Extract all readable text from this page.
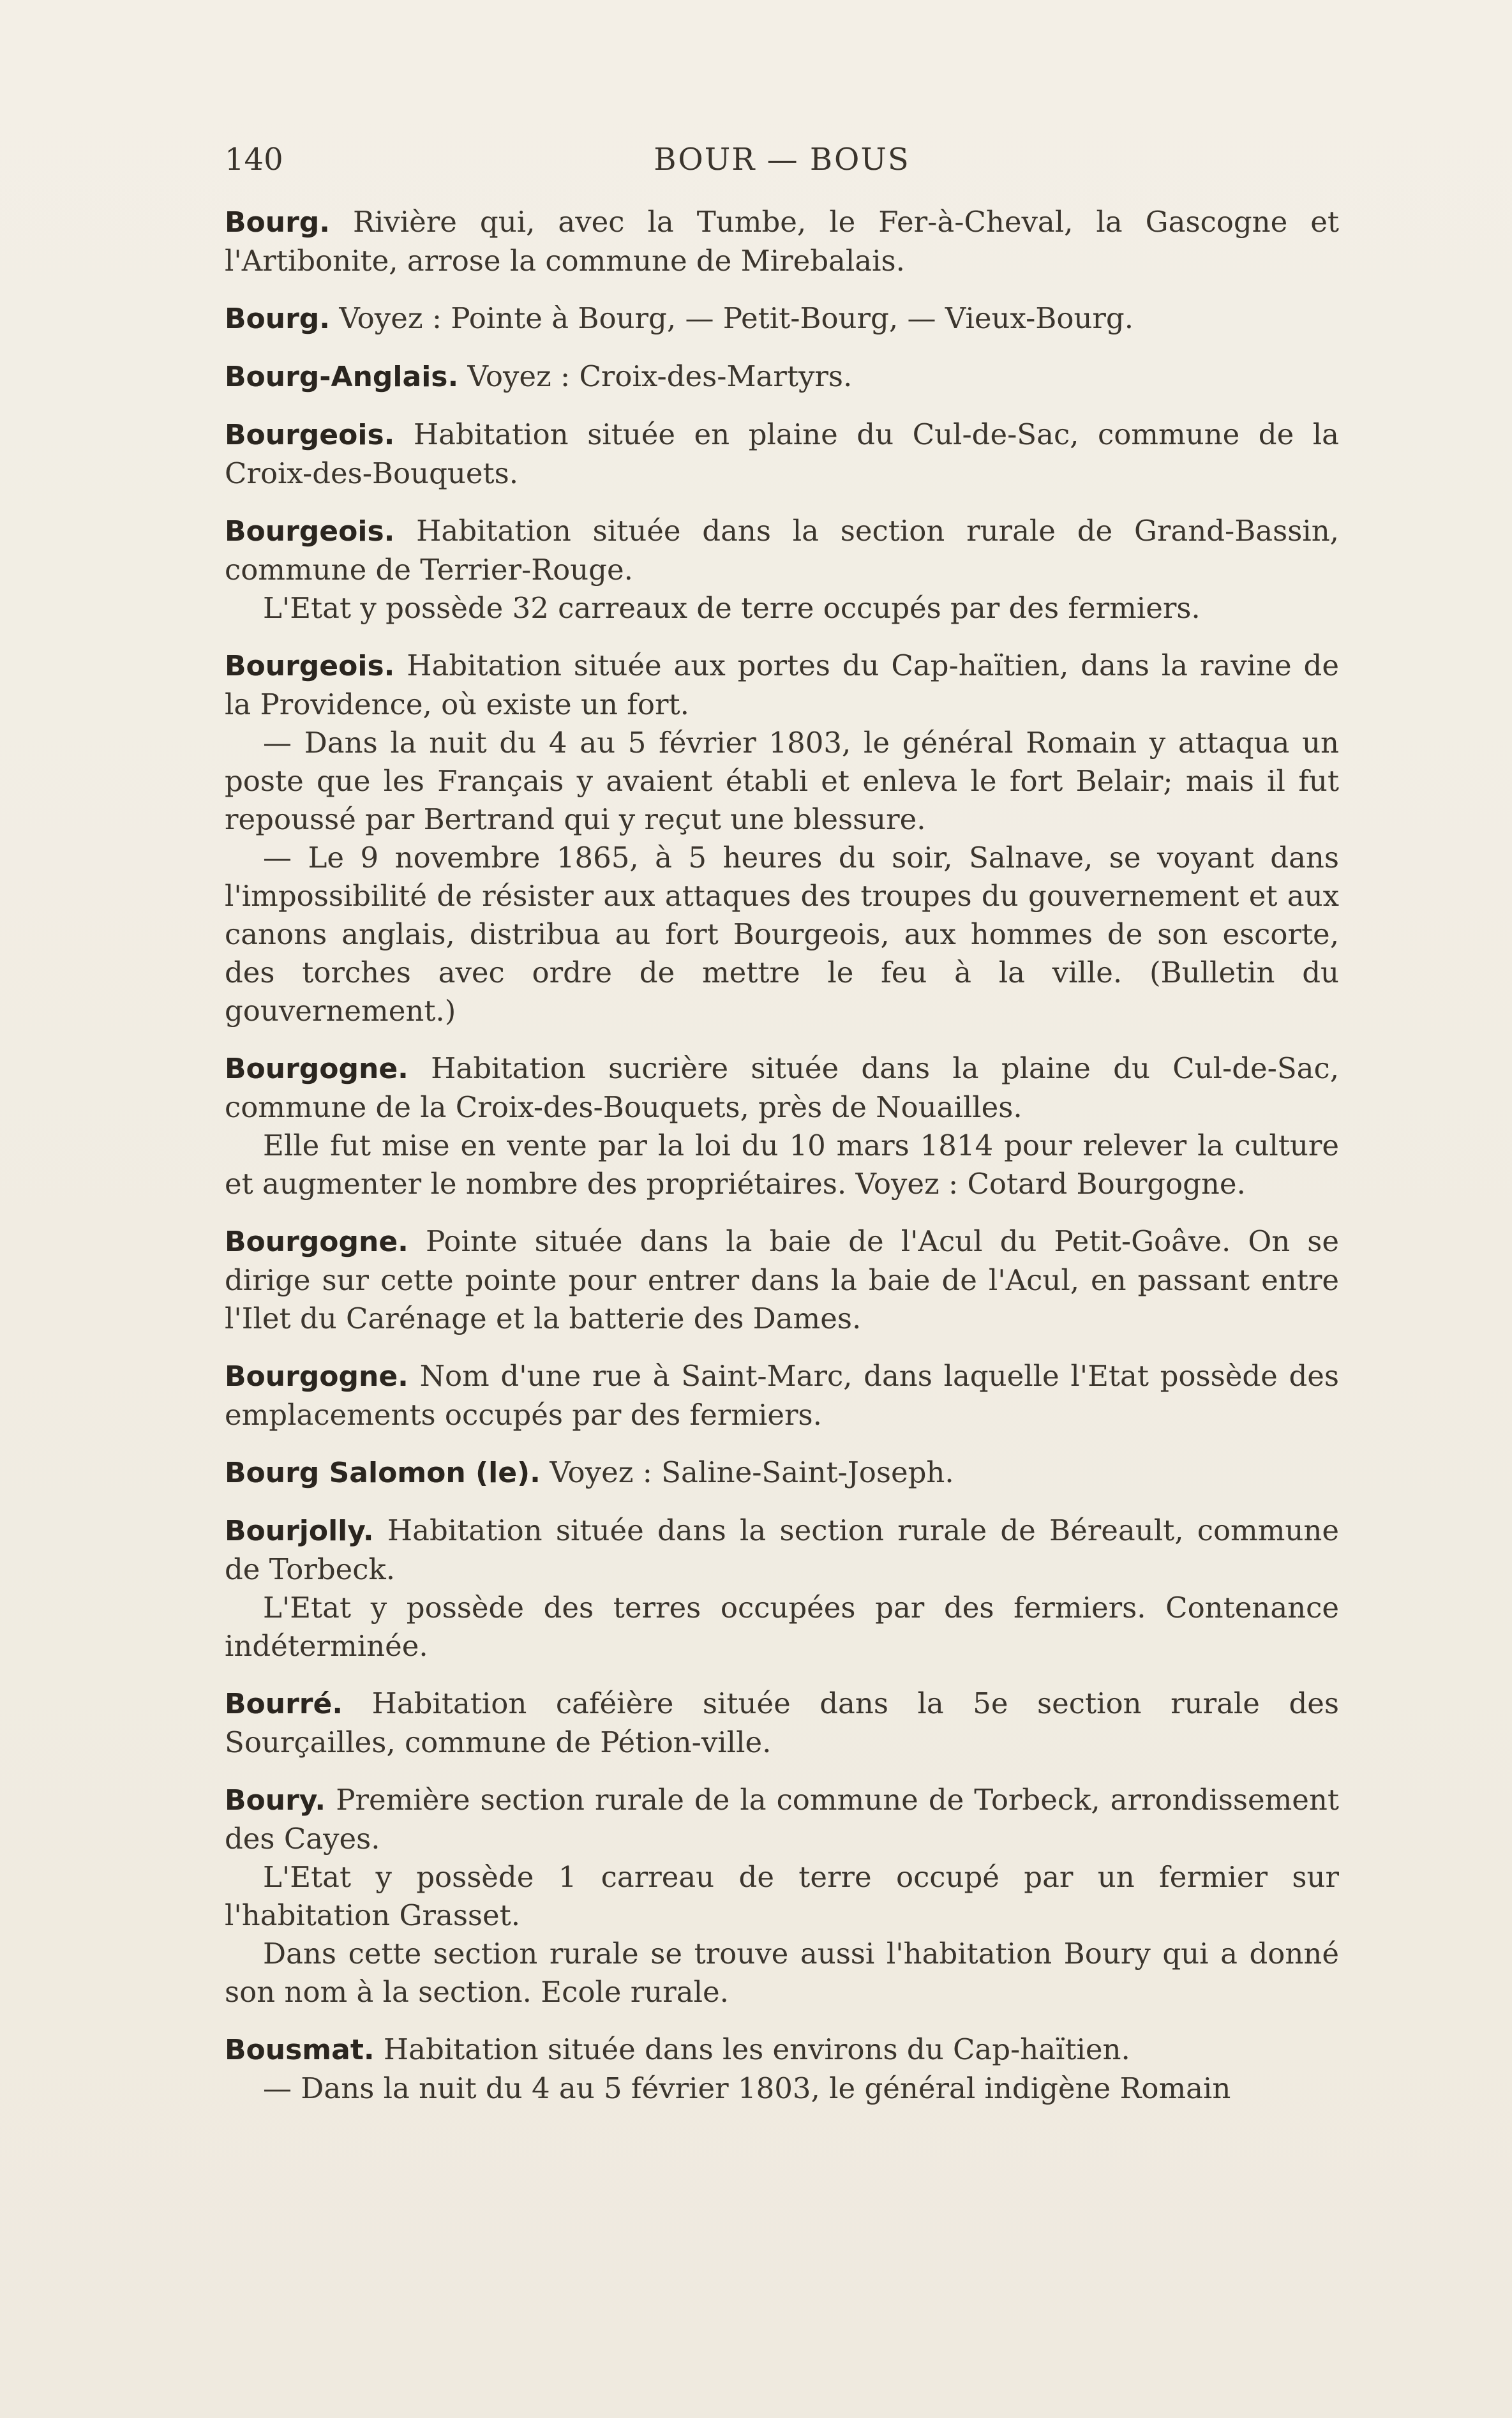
140	BOUR — BOUS

Bourg. Rivière qui, avec la Tumbe, le Fer-à-Cheval, la Gascogne et l'Artibonite, arrose la commune de Mirebalais.

Bourg. Voyez : Pointe à Bourg, — Petit-Bourg, — Vieux-Bourg.

Bourg-Anglais. Voyez : Croix-des-Martyrs.

Bourgeois. Habitation située en plaine du Cul-de-Sac, commune de la Croix-des-Bouquets.

Bourgeois. Habitation située dans la section rurale de Grand-Bassin, commune de Terrier-Rouge.

L'Etat y possède 32 carreaux de terre occupés par des fermiers.

Bourgeois. Habitation située aux portes du Cap-haïtien, dans la ravine de la Providence, où existe un fort.

— Dans la nuit du 4 au 5 février 1803, le général Romain y attaqua un poste que les Français y avaient établi et enleva le fort Belair; mais il fut repoussé par Bertrand qui y reçut une blessure.

— Le 9 novembre 1865, à 5 heures du soir, Salnave, se voyant dans l'impossibilité de résister aux attaques des troupes du gouvernement et aux canons anglais, distribua au fort Bourgeois, aux hommes de son escorte, des torches avec ordre de mettre le feu à la ville. (Bulletin du gouvernement.)

Bourgogne. Habitation sucrière située dans la plaine du Cul-de-Sac, commune de la Croix-des-Bouquets, près de Nouailles.

Elle fut mise en vente par la loi du 10 mars 1814 pour relever la culture et augmenter le nombre des propriétaires. Voyez : Cotard Bourgogne.

Bourgogne. Pointe située dans la baie de l'Acul du Petit-Goâve. On se dirige sur cette pointe pour entrer dans la baie de l'Acul, en passant entre l'Ilet du Carénage et la batterie des Dames.

Bourgogne. Nom d'une rue à Saint-Marc, dans laquelle l'Etat possède des emplacements occupés par des fermiers.

Bourg Salomon (le). Voyez : Saline-Saint-Joseph.

Bourjolly. Habitation située dans la section rurale de Béreault, commune de Torbeck.

L'Etat y possède des terres occupées par des fermiers. Contenance indéterminée.

Bourré. Habitation caféière située dans la 5e section rurale des Sourçailles, commune de Pétion-ville.

Boury. Première section rurale de la commune de Torbeck, arrondissement des Cayes.

L'Etat y possède 1 carreau de terre occupé par un fermier sur l'habitation Grasset.

Dans cette section rurale se trouve aussi l'habitation Boury qui a donné son nom à la section. Ecole rurale.

Bousmat. Habitation située dans les environs du Cap-haïtien.

— Dans la nuit du 4 au 5 février 1803, le général indigène Romain
